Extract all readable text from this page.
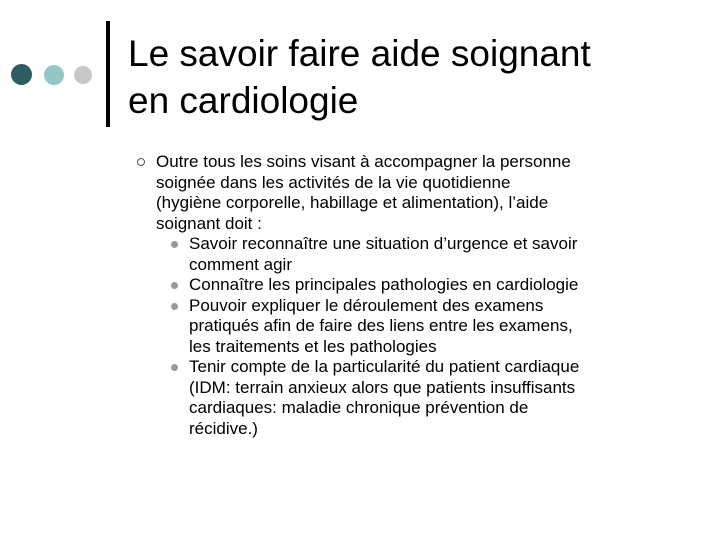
Le savoir faire aide soignant
en cardiologie
Outre tous les soins visant à accompagner la personne
soignée dans les activités de la vie quotidienne
(hygiène corporelle, habillage et alimentation), l’aide
soignant doit :
Savoir reconnaître une situation d’urgence et savoir
comment agir
Connaître les principales pathologies en cardiologie
Pouvoir expliquer le déroulement des examens
pratiqués afin de faire des liens entre les examens,
les traitements et les pathologies
Tenir compte de la particularité du patient cardiaque
(IDM: terrain anxieux alors que patients insuffisants
cardiaques: maladie chronique prévention de
récidive.)
